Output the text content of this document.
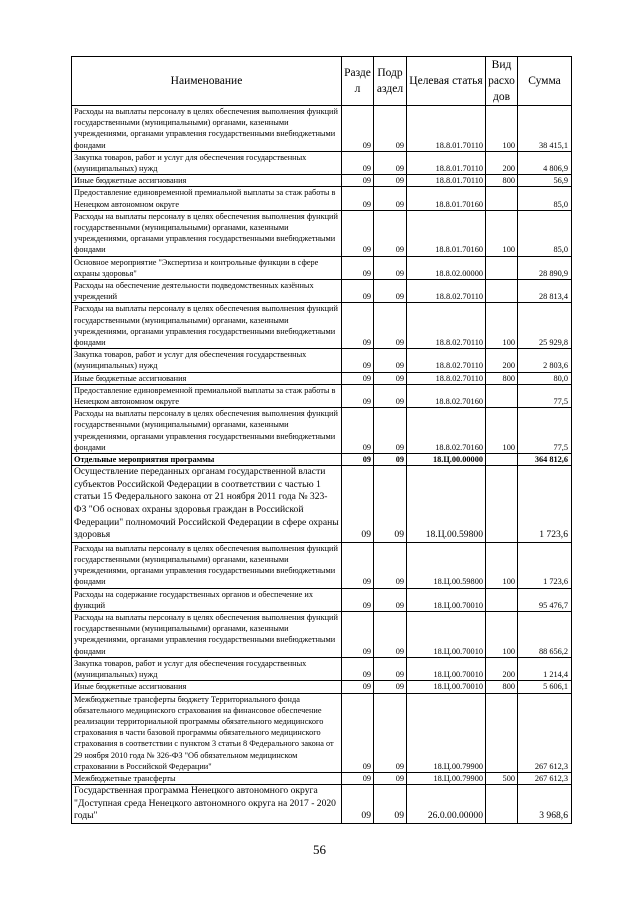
Наименование	Разде л	Подр аздел	Целевая статья	Вид расхо дов	Сумма
Расходы на выплаты персоналу в целях обеспечения выполнения функций государственными (муниципальными) органами, казенными учреждениями, органами управления государственными внебюджетными фондами	09	09	18.8.01.70110	100	38 415,1
Закупка товаров, работ и услуг для обеспечения государственных (муниципальных) нужд	09	09	18.8.01.70110	200	4 806,9
Иные бюджетные ассигнования	09	09	18.8.01.70110	800	56,9
Предоставление единовременной премиальной выплаты за стаж работы в Ненецком автономном округе	09	09	18.8.01.70160		85,0
Расходы на выплаты персоналу в целях обеспечения выполнения функций государственными (муниципальными) органами, казенными учреждениями, органами управления государственными внебюджетными фондами	09	09	18.8.01.70160	100	85,0
Основное мероприятие "Экспертиза и контрольные функции в сфере охраны здоровья"	09	09	18.8.02.00000		28 890,9
Расходы на обеспечение деятельности подведомственных казённых учреждений	09	09	18.8.02.70110		28 813,4
Расходы на выплаты персоналу в целях обеспечения выполнения функций государственными (муниципальными) органами, казенными учреждениями, органами управления государственными внебюджетными фондами	09	09	18.8.02.70110	100	25 929,8
Закупка товаров, работ и услуг для обеспечения государственных (муниципальных) нужд	09	09	18.8.02.70110	200	2 803,6
Иные бюджетные ассигнования	09	09	18.8.02.70110	800	80,0
Предоставление единовременной премиальной выплаты за стаж работы в Ненецком автономном округе	09	09	18.8.02.70160		77,5
Расходы на выплаты персоналу в целях обеспечения выполнения функций государственными (муниципальными) органами, казенными учреждениями, органами управления государственными внебюджетными фондами	09	09	18.8.02.70160	100	77,5
Отдельные мероприятия программы	09	09	18.Ц.00.00000		364 812,6
Осуществление переданных органам государственной власти субъектов Российской Федерации в соответствии с частью 1 статьи 15 Федерального закона от 21 ноября 2011 года № 323-ФЗ "Об основах охраны здоровья граждан в Российской Федерации" полномочий Российской Федерации в сфере охраны здоровья	09	09	18.Ц.00.59800		1 723,6
Расходы на выплаты персоналу в целях обеспечения выполнения функций государственными (муниципальными) органами, казенными учреждениями, органами управления государственными внебюджетными фондами	09	09	18.Ц.00.59800	100	1 723,6
Расходы на содержание государственных органов и обеспечение их функций	09	09	18.Ц.00.70010		95 476,7
Расходы на выплаты персоналу в целях обеспечения выполнения функций государственными (муниципальными) органами, казенными учреждениями, органами управления государственными внебюджетными фондами	09	09	18.Ц.00.70010	100	88 656,2
Закупка товаров, работ и услуг для обеспечения государственных (муниципальных) нужд	09	09	18.Ц.00.70010	200	1 214,4
Иные бюджетные ассигнования	09	09	18.Ц.00.70010	800	5 606,1
Межбюджетные трансферты бюджету Территориального фонда обязательного медицинского страхования на финансовое обеспечение реализации территориальной программы обязательного медицинского страхования в части базовой программы обязательного медицинского страхования в соответствии с пунктом 3 статьи 8 Федерального закона от 29 ноября 2010 года № 326-ФЗ "Об обязательном медицинском страховании в Российской Федерации"	09	09	18.Ц.00.79900		267 612,3
Межбюджетные трансферты	09	09	18.Ц.00.79900	500	267 612,3
Государственная программа Ненецкого автономного округа "Доступная среда Ненецкого автономного округа на 2017 - 2020 годы"	09	09	26.0.00.00000		3 968,6
56
